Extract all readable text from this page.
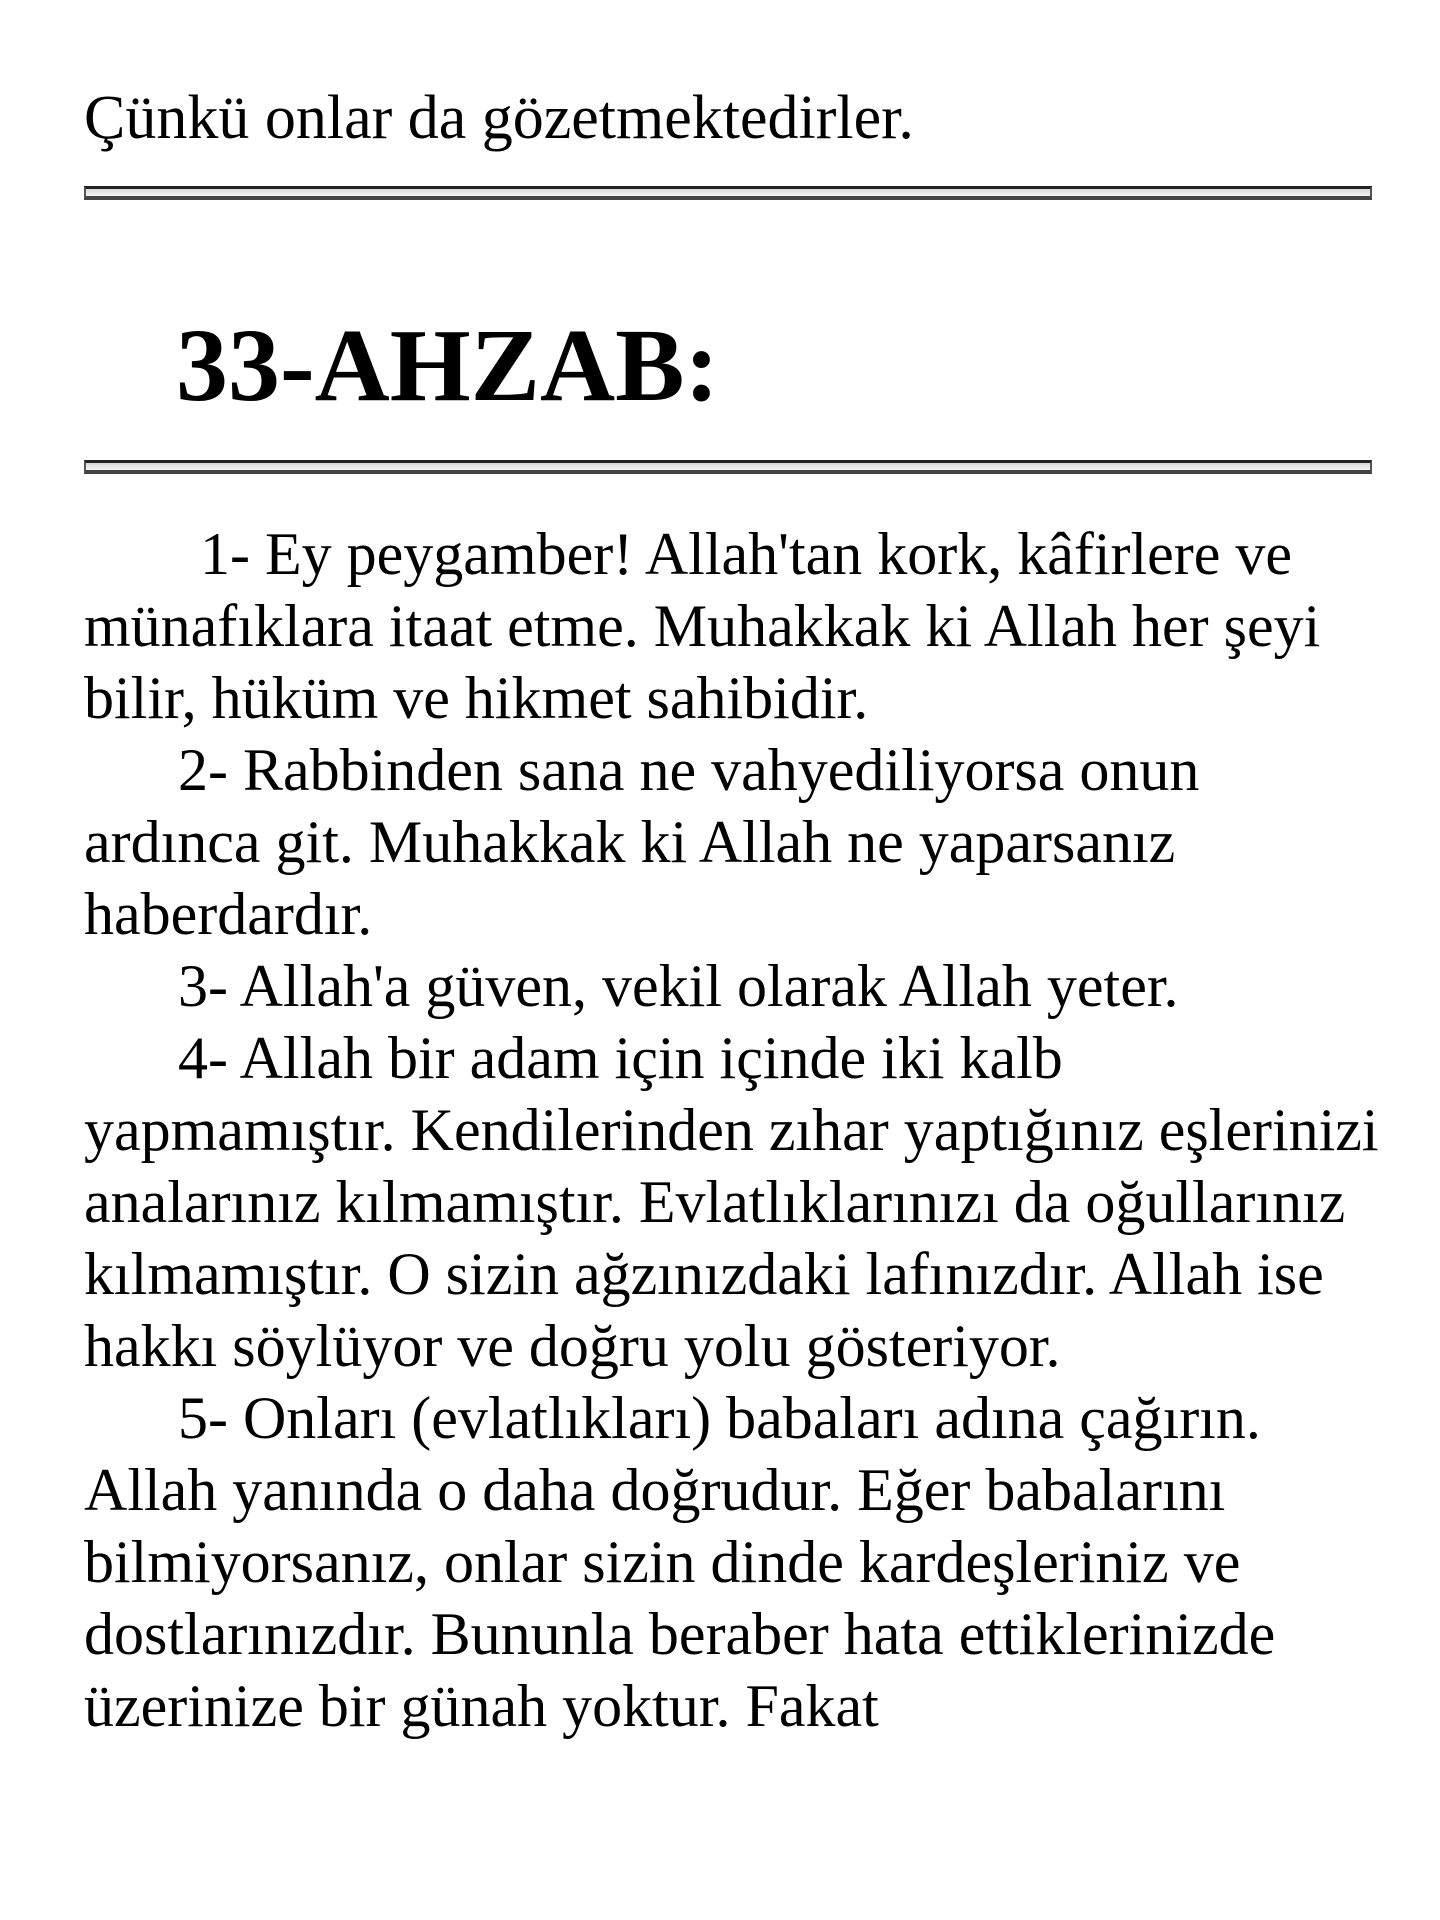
Çünkü onlar da gözetmektedirler.
33-AHZAB:

1- Ey peygamber! Allah'tan kork, kâfirlere ve münafıklara itaat etme. Muhakkak ki Allah her şeyi bilir, hüküm ve hikmet sahibidir.

2- Rabbinden sana ne vahyediliyorsa onun ardınca git. Muhakkak ki Allah ne yaparsanız haberdardır.

3- Allah'a güven, vekil olarak Allah yeter.

4- Allah bir adam için içinde iki kalb yapmamıştır. Kendilerinden zıhar yaptığınız eşlerinizi analarınız kılmamıştır. Evlatlıklarınızı da oğullarınız kılmamıştır. O sizin ağzınızdaki lafınızdır. Allah ise hakkı söylüyor ve doğru yolu gösteriyor.

5- Onları (evlatlıkları) babaları adına çağırın. Allah yanında o daha doğrudur. Eğer babalarını bilmiyorsanız, onlar sizin dinde kardeşleriniz ve dostlarınızdır. Bununla beraber hata ettiklerinizde üzerinize bir günah yoktur. Fakat
